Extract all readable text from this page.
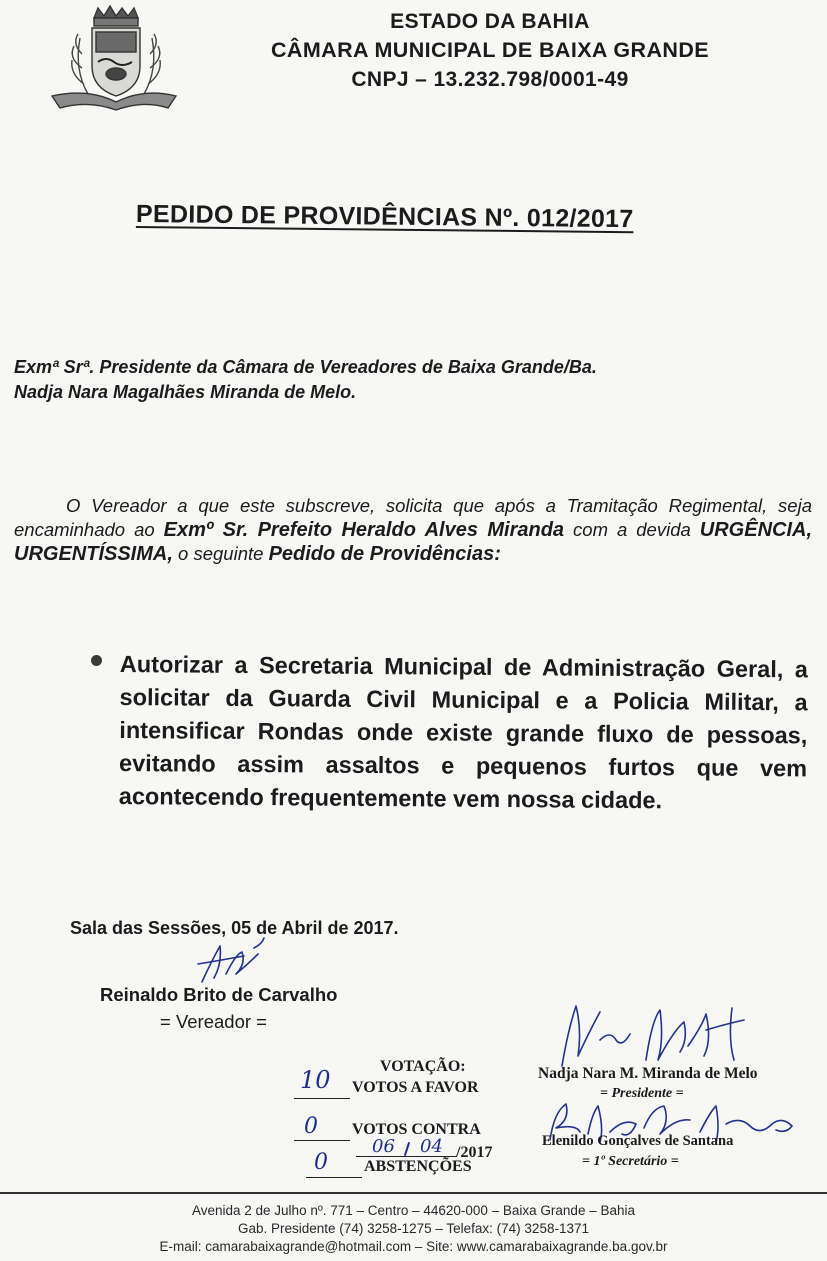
ESTADO DA BAHIA
CÂMARA MUNICIPAL DE BAIXA GRANDE
CNPJ – 13.232.798/0001-49
PEDIDO DE PROVIDÊNCIAS Nº. 012/2017
Exmª Srª. Presidente da Câmara de Vereadores de Baixa Grande/Ba.
Nadja Nara Magalhães Miranda de Melo.
O Vereador a que este subscreve, solicita que após a Tramitação Regimental, seja encaminhado ao Exmº Sr. Prefeito Heraldo Alves Miranda com a devida URGÊNCIA, URGENTÍSSIMA, o seguinte Pedido de Providências:
Autorizar a Secretaria Municipal de Administração Geral, a solicitar da Guarda Civil Municipal e a Policia Militar, a intensificar Rondas onde existe grande fluxo de pessoas, evitando assim assaltos e pequenos furtos que vem acontecendo frequentemente vem nossa cidade.
Sala das Sessões, 05 de Abril de 2017.
Reinaldo Brito de Carvalho
= Vereador =
VOTAÇÃO:
VOTOS A FAVOR
10
VOTOS CONTRA
0
/2017
06 04
ABSTENÇÕES
0
Nadja Nara M. Miranda de Melo
= Presidente =
Elenildo Gonçalves de Santana
= 1º Secretário =
Avenida 2 de Julho nº. 771 – Centro – 44620-000 – Baixa Grande – Bahia
Gab. Presidente (74) 3258-1275 – Telefax: (74) 3258-1371
E-mail: camarabaixagrande@hotmail.com – Site: www.camarabaixagrande.ba.gov.br
